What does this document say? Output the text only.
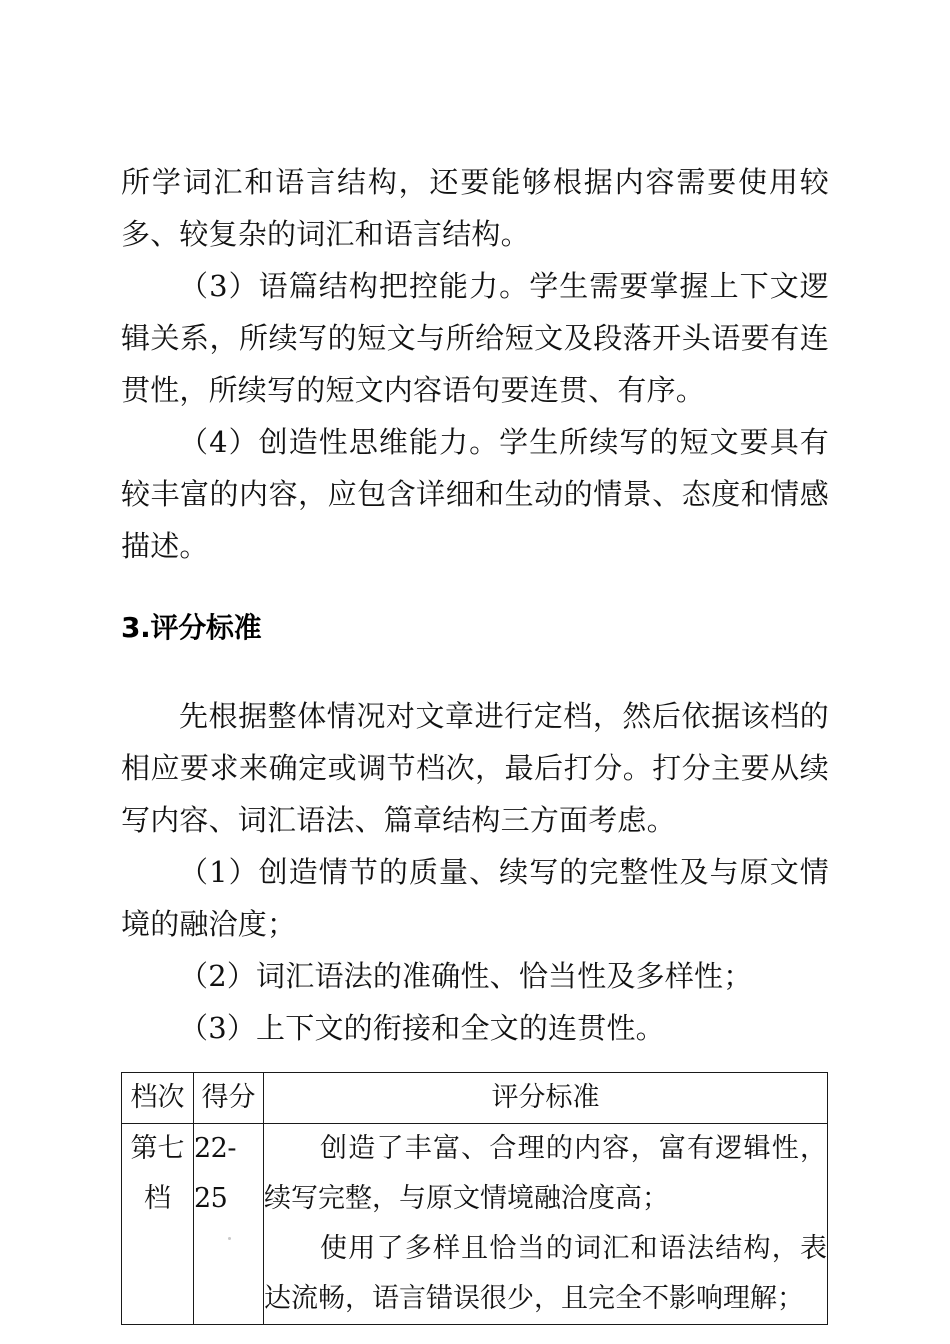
所学词汇和语言结构，还要能够根据内容需要使用较多、较复杂的词汇和语言结构。

（3）语篇结构把控能力。学生需要掌握上下文逻辑关系，所续写的短文与所给短文及段落开头语要有连贯性，所续写的短文内容语句要连贯、有序。

（4）创造性思维能力。学生所续写的短文要具有较丰富的内容，应包含详细和生动的情景、态度和情感描述。

3.评分标准

先根据整体情况对文章进行定档，然后依据该档的相应要求来确定或调节档次，最后打分。打分主要从续写内容、词汇语法、篇章结构三方面考虑。

（1）创造情节的质量、续写的完整性及与原文情境的融洽度；

（2）词汇语法的准确性、恰当性及多样性；

（3）上下文的衔接和全文的连贯性。

档次	得分	评分标准
第七档	22-25	创造了丰富、合理的内容，富有逻辑性，续写完整，与原文情境融洽度高；

使用了多样且恰当的词汇和语法结构，表达流畅，语言错误很少，且完全不影响理解；
